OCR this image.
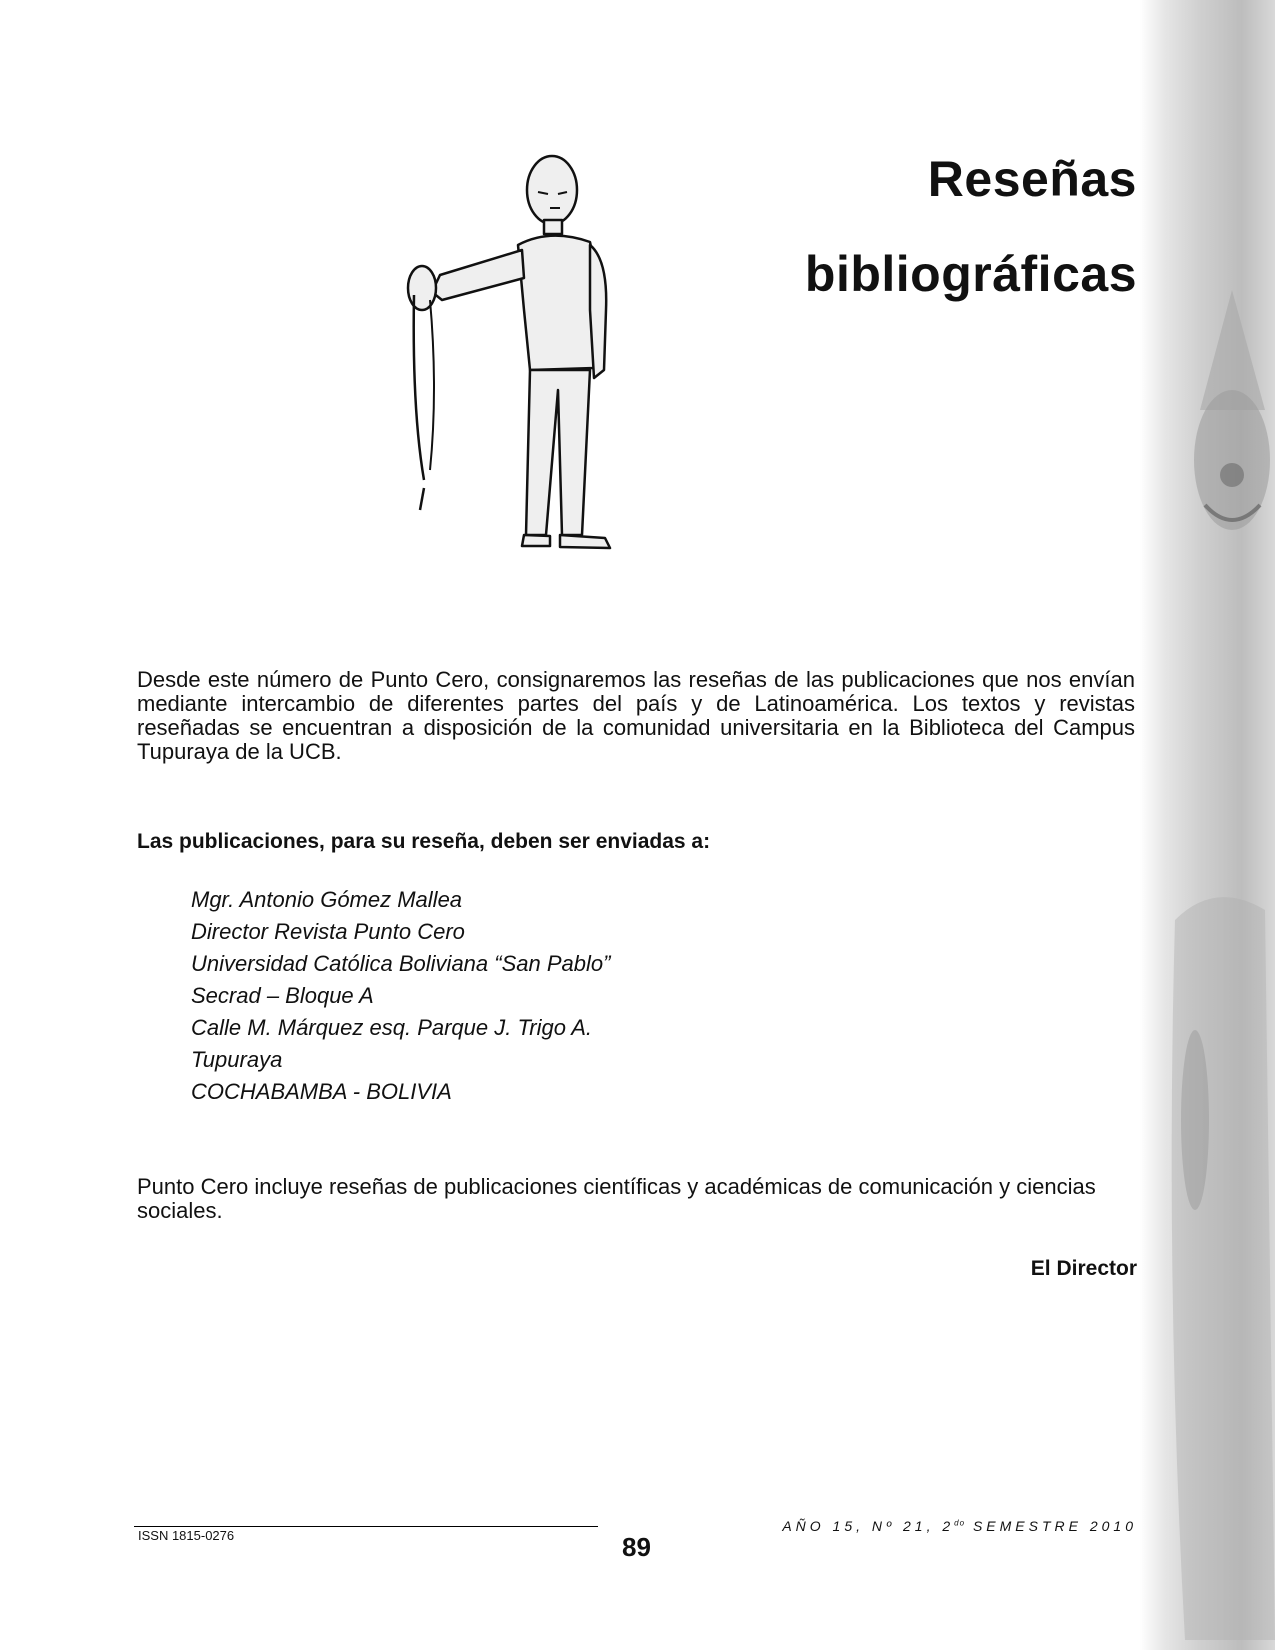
Reseñas
bibliográficas

Desde este número de Punto Cero, consignaremos las reseñas de las publicaciones que nos envían mediante intercambio de diferentes partes del país y de Latinoamérica. Los textos y revistas reseñadas se encuentran a disposición de la comunidad universitaria en la Biblioteca del Campus Tupuraya de la UCB.

Las publicaciones, para su reseña, deben ser enviadas a:

Mgr. Antonio Gómez Mallea
Director Revista Punto Cero
Universidad Católica Boliviana “San Pablo”
Secrad – Bloque A
Calle M. Márquez esq. Parque J. Trigo A.
Tupuraya
COCHABAMBA - BOLIVIA

Punto Cero incluye reseñas de publicaciones científicas y académicas de comunicación y ciencias sociales.

El Director

ISSN 1815-0276	89
AÑO 15, Nº 21, $2^{do}$ SEMESTRE 2010
